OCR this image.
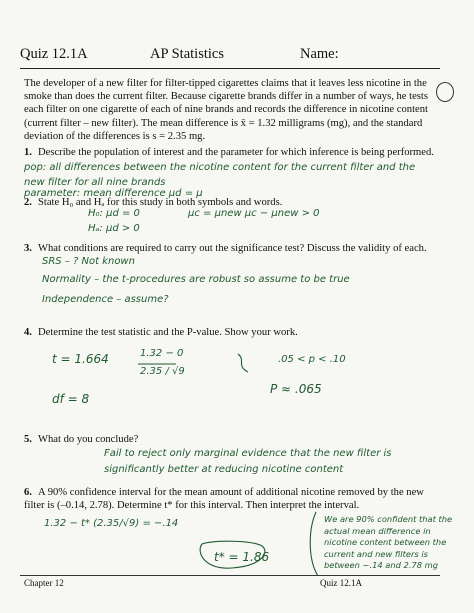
Quiz 12.1A	AP Statistics	Name:
The developer of a new filter for filter-tipped cigarettes claims that it leaves less nicotine in the smoke than does the current filter. Because cigarette brands differ in a number of ways, he tests each filter on one cigarette of each of nine brands and records the difference in nicotine content (current filter – new filter). The mean difference is x̄ = 1.32 milligrams (mg), and the standard deviation of the differences is s = 2.35 mg.
1. Describe the population of interest and the parameter for which inference is being performed.
2. State H₀ and Hₐ for this study in both symbols and words.
3. What conditions are required to carry out the significance test? Discuss the validity of each.
4. Determine the test statistic and the P-value. Show your work.
5. What do you conclude?
6. A 90% confidence interval for the mean amount of additional nicotine removed by the new filter is (–0.14, 2.78). Determine t* for this interval. Then interpret the interval.
pop: all differences between the nicotine content for the current filter and the new filter for all nine brands
parameter: mean difference μd = μ
H₀: μd = 0
Hₐ: μd > 0
μc = μnew μc − μnew > 0
SRS – ? Not known
Normality – the t-procedures are robust so assume to be true
Independence – assume?
t = 1.664	1.32 − 0
2.35 / √9
.05 < p < .10
df = 8
P ≈ .065
Fail to reject only marginal evidence that the new filter is significantly better at reducing nicotine content
1.32 − t* (2.35/√9) = −.14
t* = 1.86
We are 90% confident that the actual mean difference in nicotine content between the current and new filters is between −.14 and 2.78 mg
Chapter 12	Quiz 12.1A
